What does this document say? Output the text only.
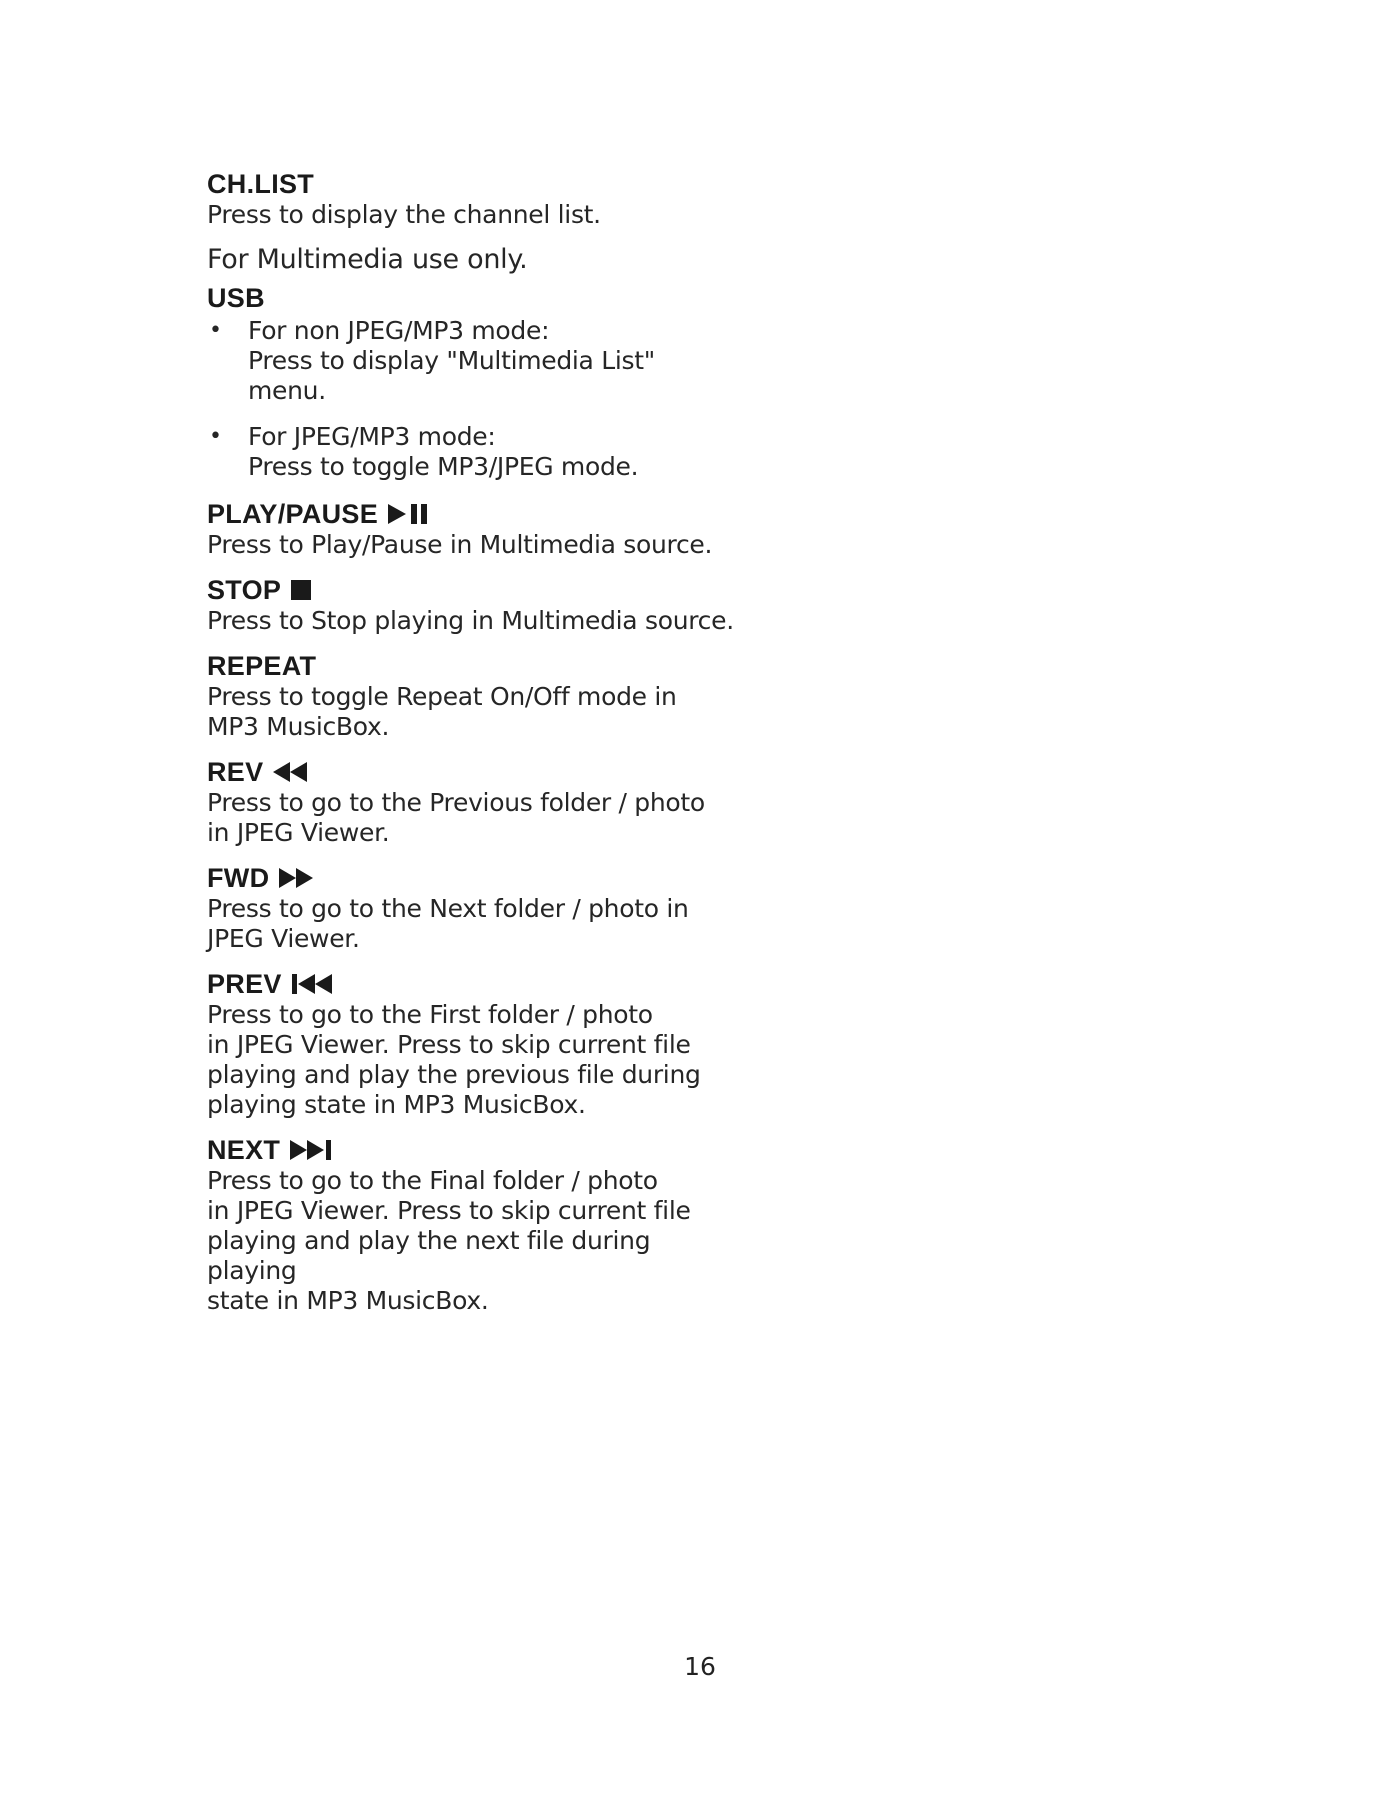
CH.LIST
Press to display the channel list.
For Multimedia use only.
USB
• For non JPEG/MP3 mode:
Press to display "Multimedia List"
menu.
• For JPEG/MP3 mode:
Press to toggle MP3/JPEG mode.
PLAY/PAUSE
Press to Play/Pause in Multimedia source.
STOP
Press to Stop playing in Multimedia source.
REPEAT
Press to toggle Repeat On/Off mode in
MP3 MusicBox.
REV
Press to go to the Previous folder / photo
in JPEG Viewer.
FWD
Press to go to the Next folder / photo in
JPEG Viewer.
PREV
Press to go to the First folder / photo
in JPEG Viewer. Press to skip current file
playing and play the previous file during
playing state in MP3 MusicBox.
NEXT
Press to go to the Final folder / photo
in JPEG Viewer. Press to skip current file
playing and play the next file during playing
state in MP3 MusicBox.
16
